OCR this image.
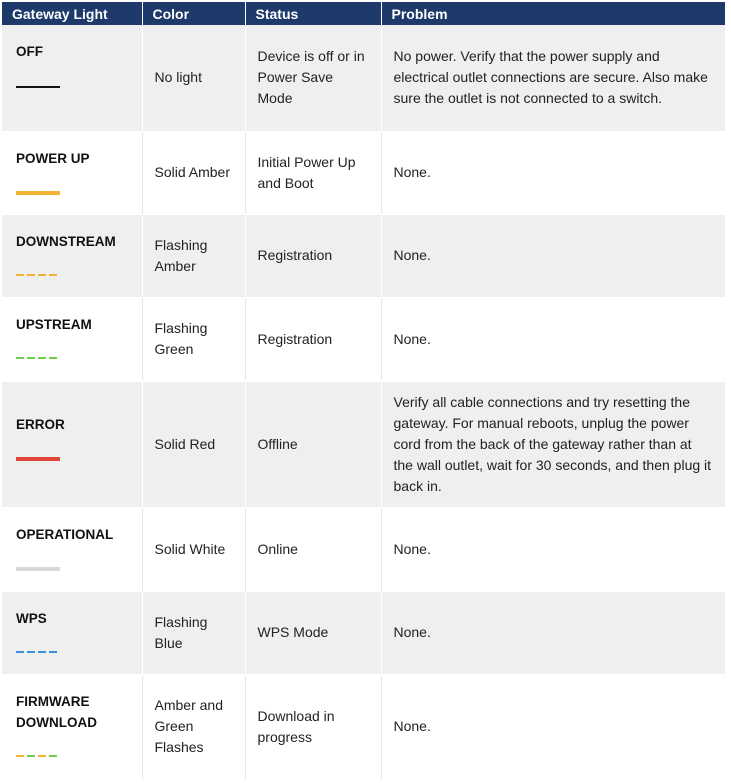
Gateway Light	Color	Status	Problem

OFF	No light	Device is off or in Power Save Mode	No power. Verify that the power supply and electrical outlet connections are secure. Also make sure the outlet is not connected to a switch.

POWER UP	Solid Amber	Initial Power Up and Boot	None.

DOWNSTREAM	Flashing Amber	Registration	None.

UPSTREAM	Flashing Green	Registration	None.

ERROR	Solid Red	Offline	Verify all cable connections and try resetting the gateway. For manual reboots, unplug the power cord from the back of the gateway rather than at the wall outlet, wait for 30 seconds, and then plug it back in.

OPERATIONAL	Solid White	Online	None.

WPS	Flashing Blue	WPS Mode	None.

FIRMWARE DOWNLOAD	Amber and Green Flashes	Download in progress	None.
